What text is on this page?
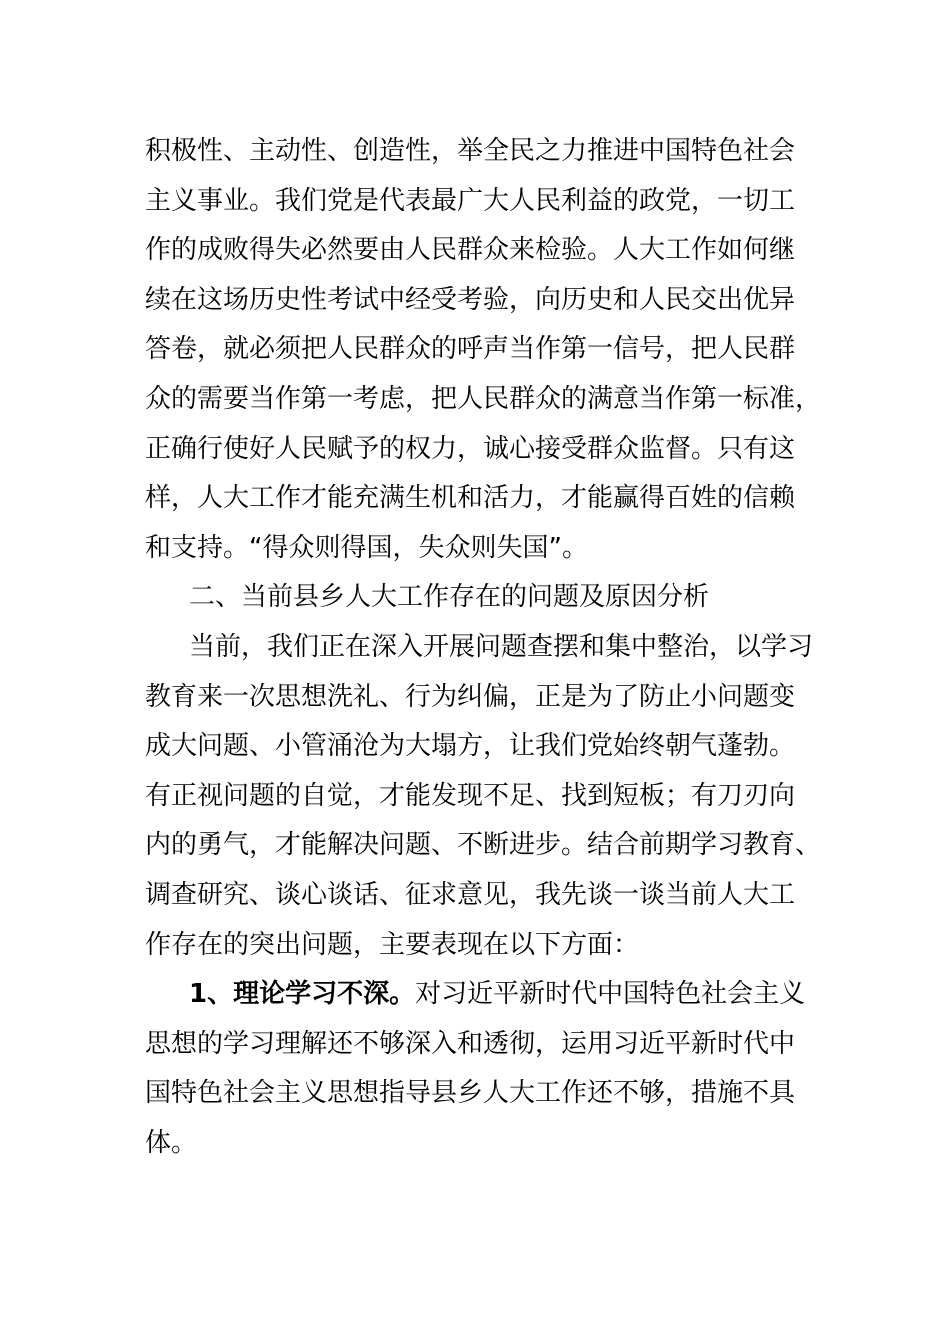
积极性、主动性、创造性，举全民之力推进中国特色社会
主义事业。我们党是代表最广大人民利益的政党，一切工
作的成败得失必然要由人民群众来检验。人大工作如何继
续在这场历史性考试中经受考验，向历史和人民交出优异
答卷，就必须把人民群众的呼声当作第一信号，把人民群
众的需要当作第一考虑，把人民群众的满意当作第一标准，
正确行使好人民赋予的权力，诚心接受群众监督。只有这
样，人大工作才能充满生机和活力，才能赢得百姓的信赖
和支持。“得众则得国，失众则失国”。
二、当前县乡人大工作存在的问题及原因分析
当前，我们正在深入开展问题查摆和集中整治，以学习
教育来一次思想洗礼、行为纠偏，正是为了防止小问题变
成大问题、小管涌沧为大塌方，让我们党始终朝气蓬勃。
有正视问题的自觉，才能发现不足、找到短板；有刀刃向
内的勇气，才能解决问题、不断进步。结合前期学习教育、
调查研究、谈心谈话、征求意见，我先谈一谈当前人大工
作存在的突出问题，主要表现在以下方面：
1、理论学习不深。对习近平新时代中国特色社会主义
思想的学习理解还不够深入和透彻，运用习近平新时代中
国特色社会主义思想指导县乡人大工作还不够，措施不具
体。
